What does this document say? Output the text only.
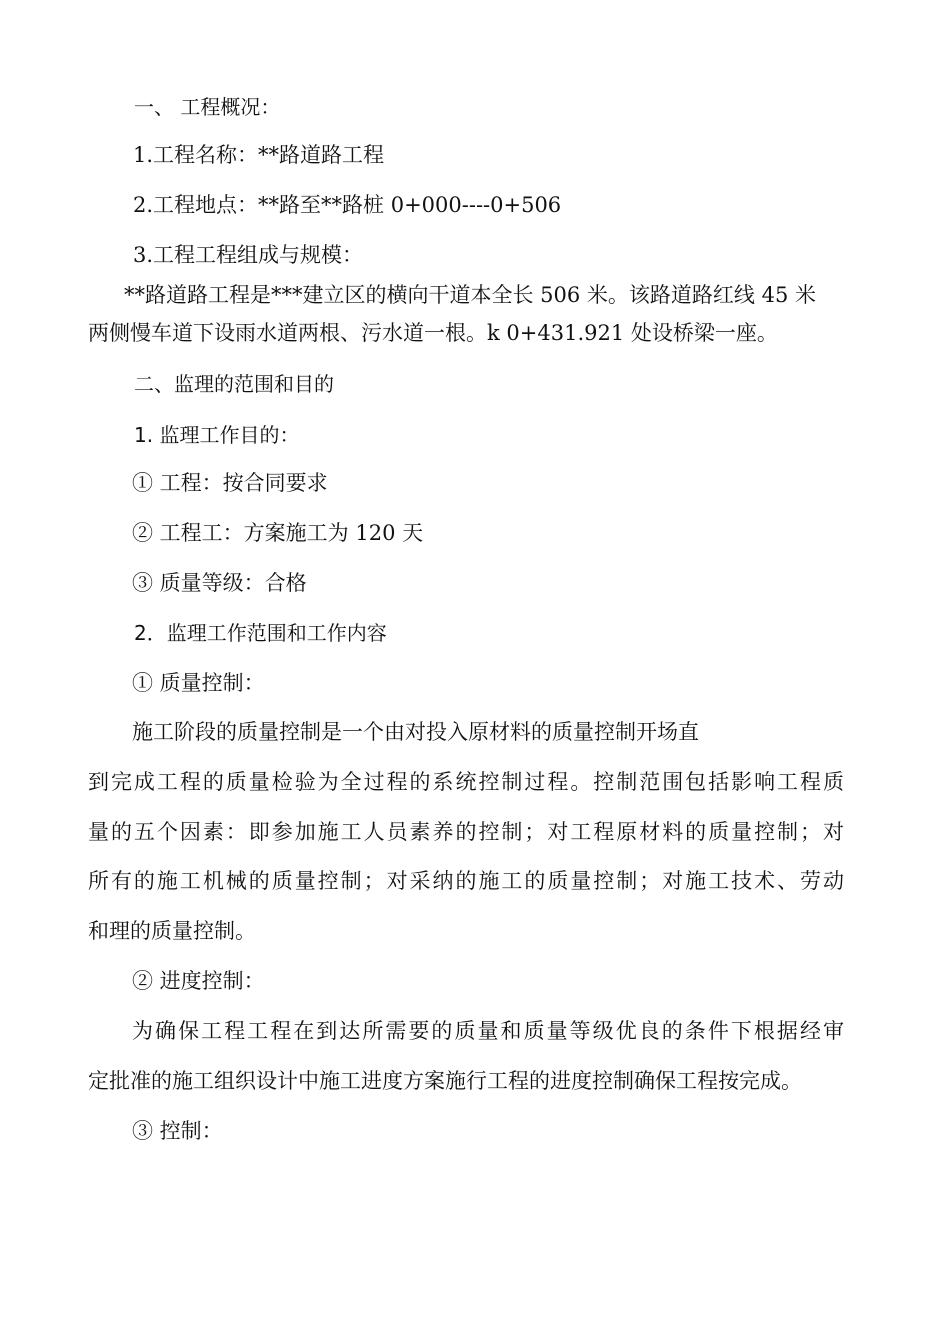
一、 工程概况：
1.工程名称：**路道路工程
2.工程地点：**路至**路桩 0+000----0+506
3.工程工程组成与规模：
**路道路工程是***建立区的横向干道本全长 506 米。该路道路红线 45 米
两侧慢车道下设雨水道两根、污水道一根。k 0+431.921 处设桥梁一座。
二、监理的范围和目的
1. 监理工作目的：
① 工程：按合同要求
② 工程工：方案施工为 120 天
③ 质量等级：合格
2．监理工作范围和工作内容
① 质量控制：
施工阶段的质量控制是一个由对投入原材料的质量控制开场直
到完成工程的质量检验为全过程的系统控制过程。控制范围包括影响工程质
量的五个因素：即参加施工人员素养的控制；对工程原材料的质量控制；对
所有的施工机械的质量控制；对采纳的施工的质量控制；对施工技术、劳动
和理的质量控制。
② 进度控制：
为确保工程工程在到达所需要的质量和质量等级优良的条件下根据经审
定批准的施工组织设计中施工进度方案施行工程的进度控制确保工程按完成。
③ 控制：
